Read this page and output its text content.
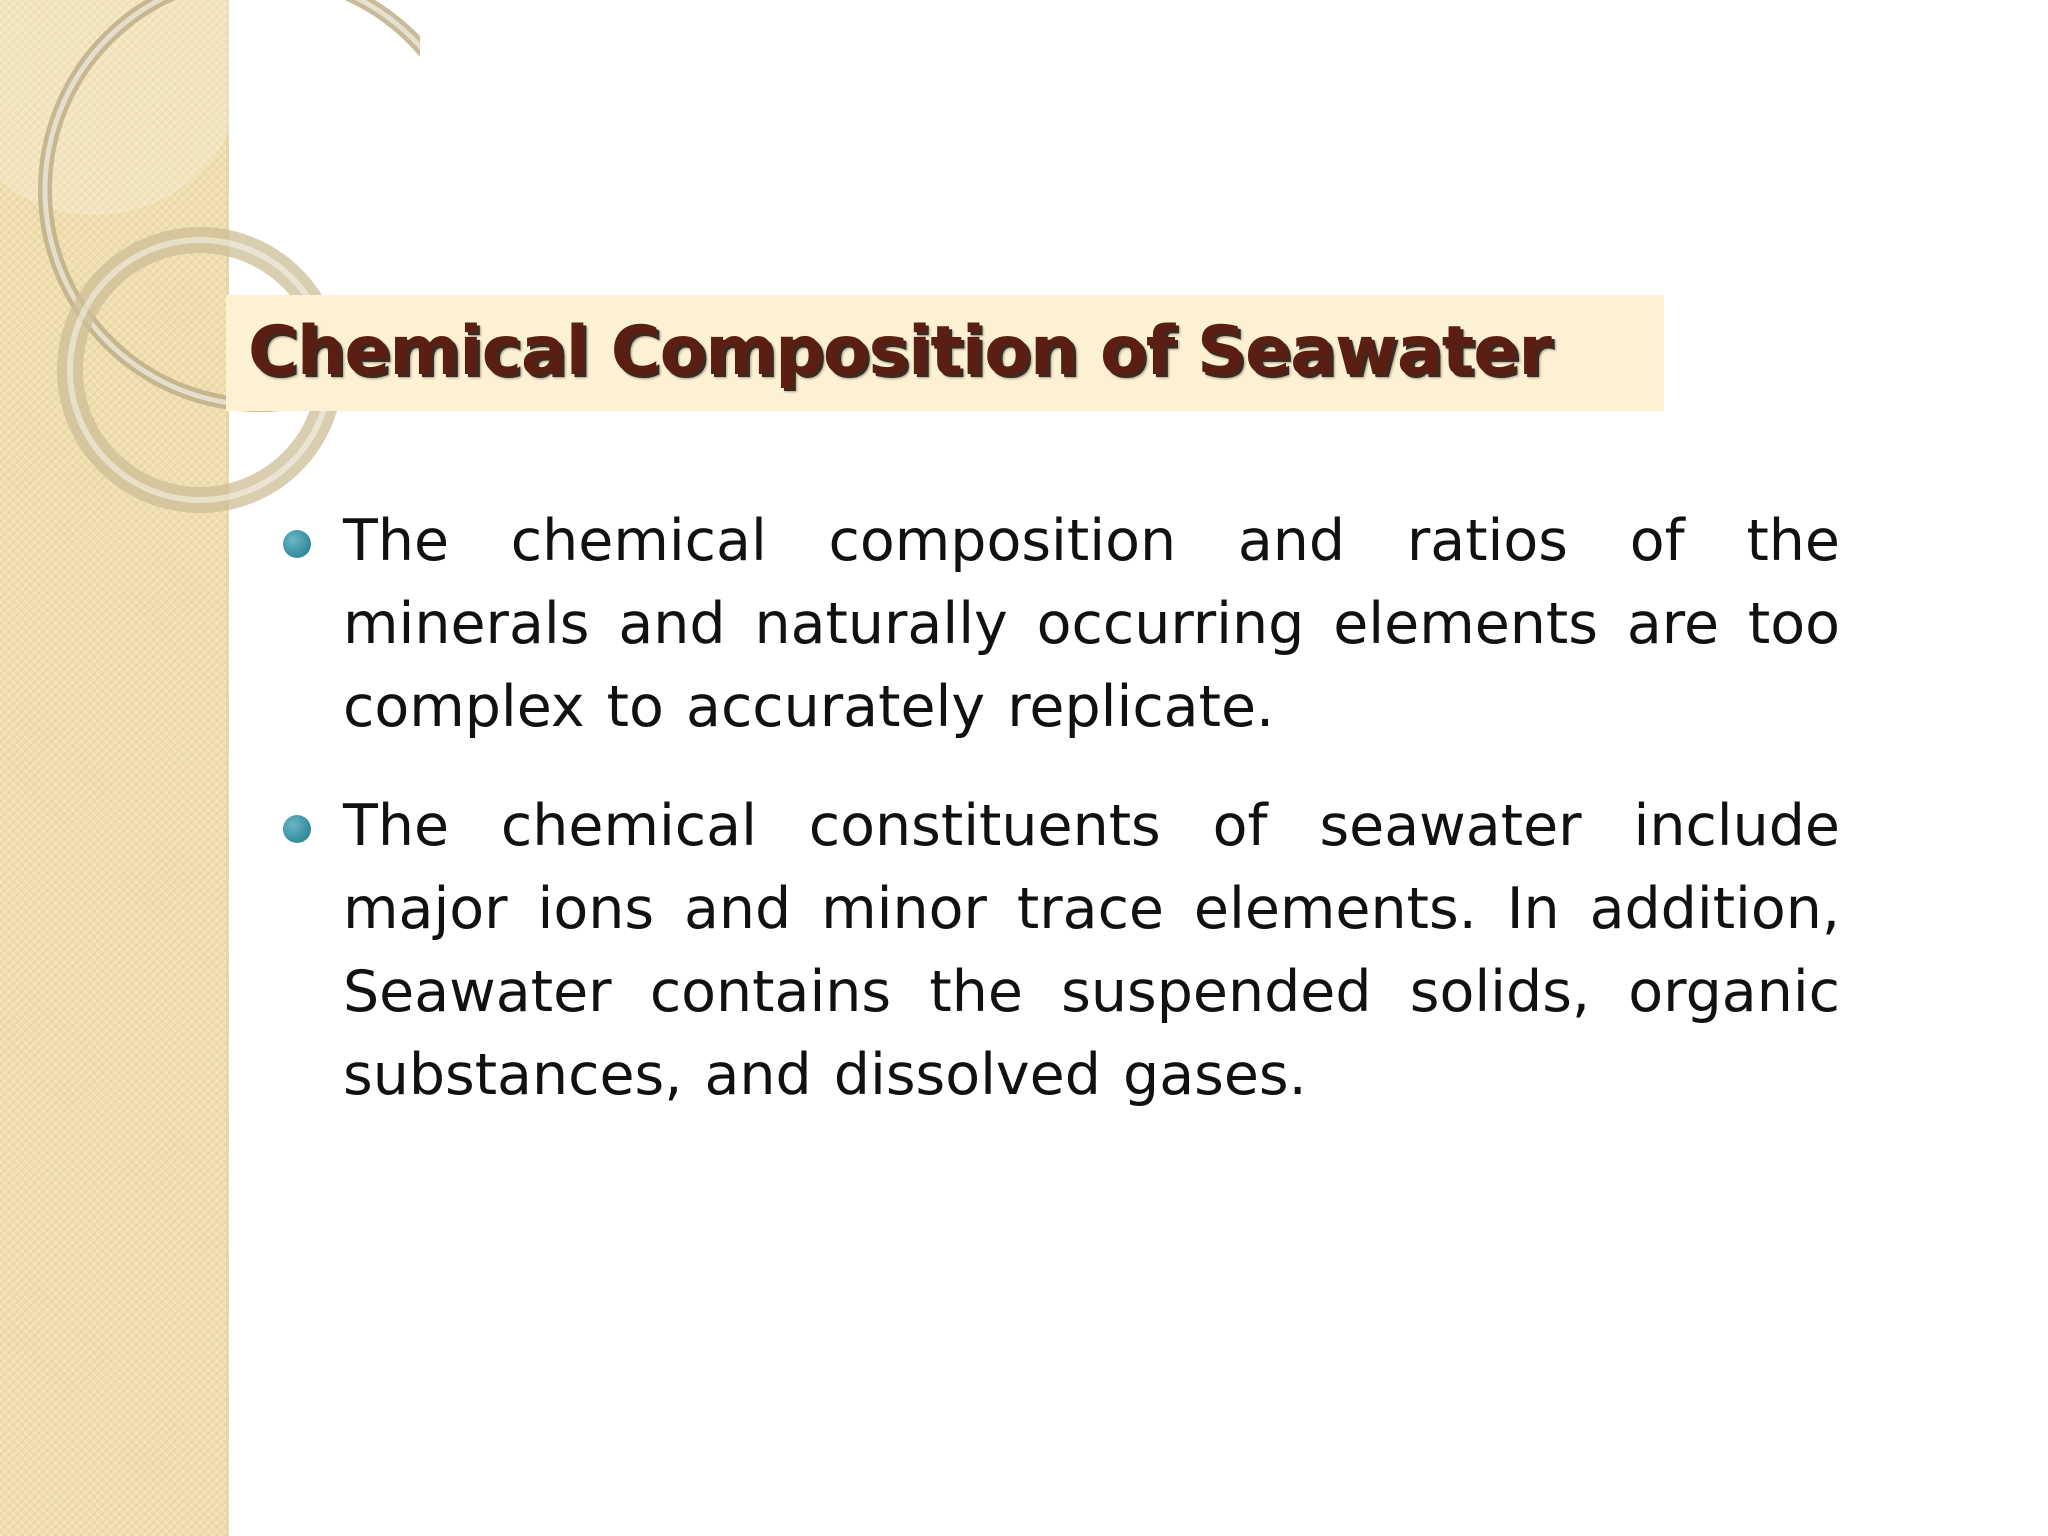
Chemical Composition of Seawater

The chemical composition and ratios of the minerals and naturally occurring elements are too complex to accurately replicate.

The chemical constituents of seawater include major ions and minor trace elements. In addition, Seawater contains the suspended solids, organic substances, and dissolved gases.
